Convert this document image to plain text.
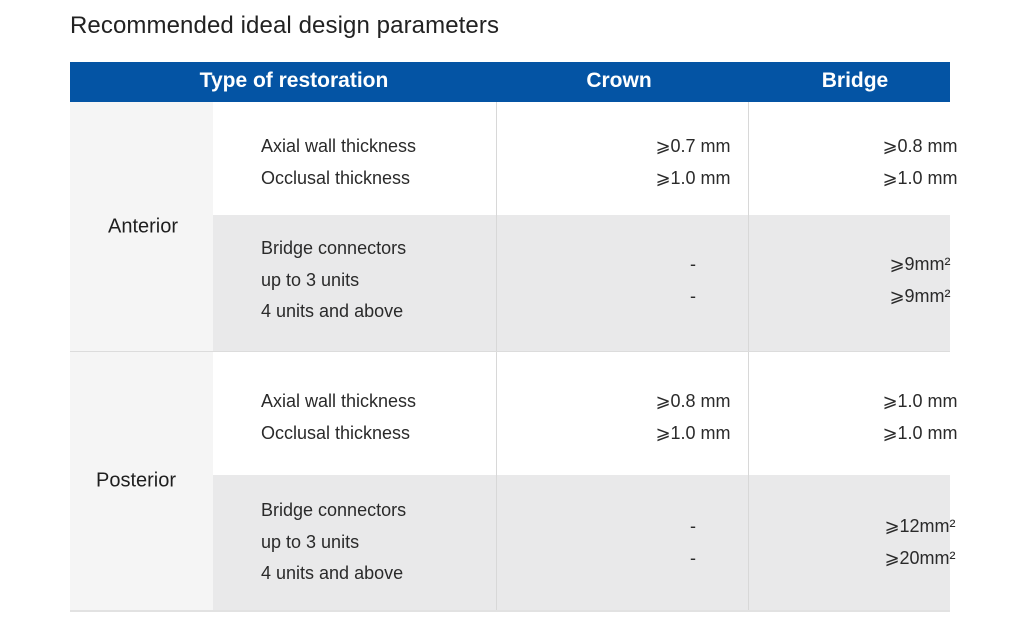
Recommended ideal design parameters
Type of restoration	Crown	Bridge
Anterior
Axial wall thickness
Occlusal thickness
⩾0.7 mm
⩾1.0 mm
⩾0.8 mm
⩾1.0 mm
Bridge connectors
up to 3 units
4 units and above
-
-
⩾9mm²
⩾9mm²
Posterior
Axial wall thickness
Occlusal thickness
⩾0.8 mm
⩾1.0 mm
⩾1.0 mm
⩾1.0 mm
Bridge connectors
up to 3 units
4 units and above
-
-
⩾12mm²
⩾20mm²
